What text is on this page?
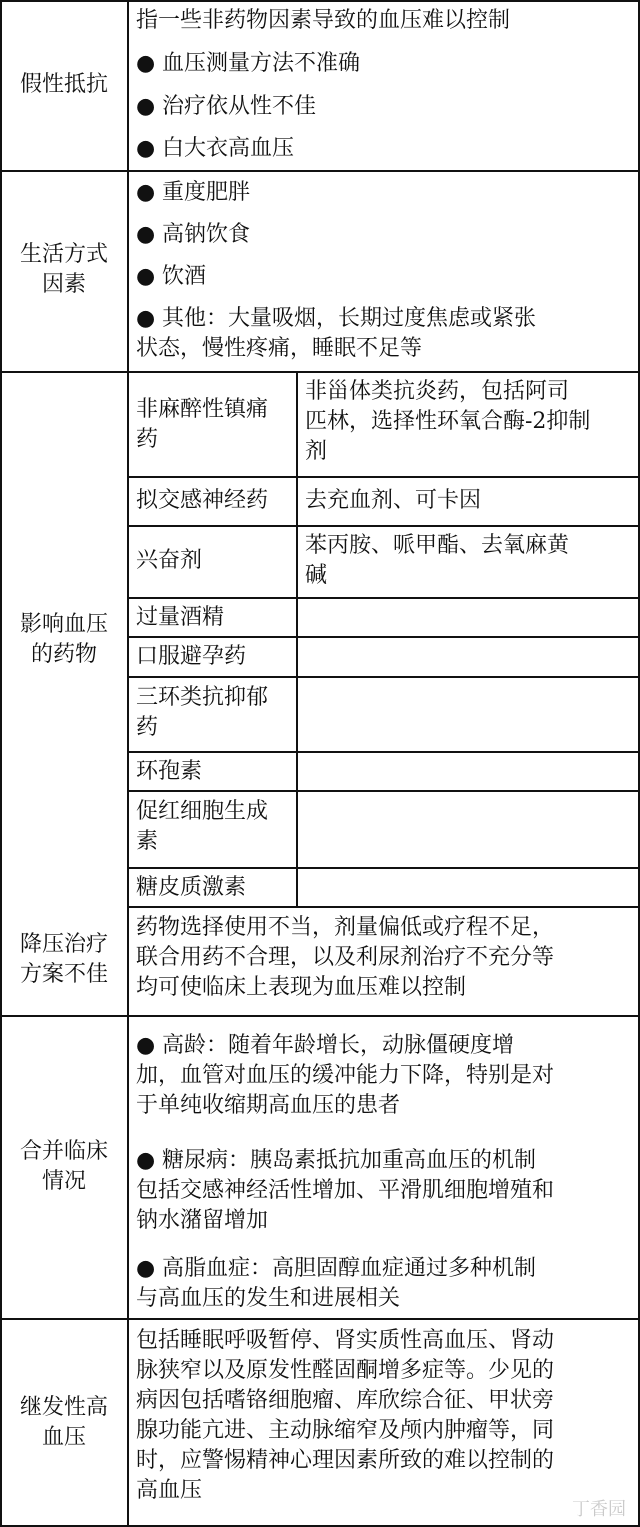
假性抵抗
指一些非药物因素导致的血压难以控制
● 血压测量方法不准确
● 治疗依从性不佳
● 白大衣高血压
生活方式
因素
● 重度肥胖
● 高钠饮食
● 饮酒
● 其他：大量吸烟，长期过度焦虑或紧张
状态，慢性疼痛，睡眠不足等
影响血压
的药物
非麻醉性镇痛
药
非甾体类抗炎药，包括阿司
匹林，选择性环氧合酶-2抑制
剂
拟交感神经药 去充血剂、可卡因
兴奋剂
苯丙胺、哌甲酯、去氧麻黄
碱
过量酒精
口服避孕药
三环类抗抑郁
药
环孢素
促红细胞生成
素
糖皮质激素
降压治疗
方案不佳
药物选择使用不当，剂量偏低或疗程不足，
联合用药不合理，以及利尿剂治疗不充分等
均可使临床上表现为血压难以控制
合并临床
情况
● 高龄：随着年龄增长，动脉僵硬度增
加，血管对血压的缓冲能力下降，特别是对
于单纯收缩期高血压的患者
● 糖尿病：胰岛素抵抗加重高血压的机制
包括交感神经活性增加、平滑肌细胞增殖和
钠水潴留增加
● 高脂血症：高胆固醇血症通过多种机制
与高血压的发生和进展相关
继发性高
血压
包括睡眠呼吸暂停、肾实质性高血压、肾动
脉狭窄以及原发性醛固酮增多症等。少见的
病因包括嗜铬细胞瘤、库欣综合征、甲状旁
腺功能亢进、主动脉缩窄及颅内肿瘤等，同
时，应警惕精神心理因素所致的难以控制的
高血压
丁香园
